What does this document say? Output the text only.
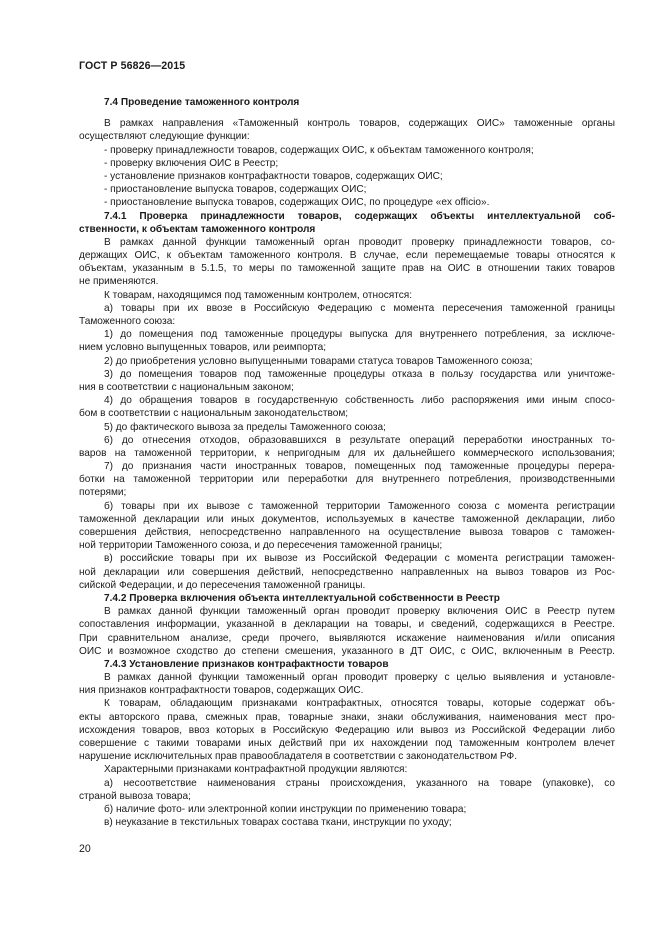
ГОСТ Р 56826—2015
7.4 Проведение таможенного контроля
В рамках направления «Таможенный контроль товаров, содержащих ОИС» таможенные органы
осуществляют следующие функции:
- проверку принадлежности товаров, содержащих ОИС, к объектам таможенного контроля;
- проверку включения ОИС в Реестр;
- установление признаков контрафактности товаров, содержащих ОИС;
- приостановление выпуска товаров, содержащих ОИС;
- приостановление выпуска товаров, содержащих ОИС, по процедуре «ex officio».
7.4.1 Проверка принадлежности товаров, содержащих объекты интеллектуальной соб-
ственности, к объектам таможенного контроля
В рамках данной функции таможенный орган проводит проверку принадлежности товаров, со-
держащих ОИС, к объектам таможенного контроля. В случае, если перемещаемые товары относятся к
объектам, указанным в 5.1.5, то меры по таможенной защите прав на ОИС в отношении таких товаров
не применяются.
К товарам, находящимся под таможенным контролем, относятся:
а) товары при их ввозе в Российскую Федерацию с момента пересечения таможенной границы
Таможенного союза:
1) до помещения под таможенные процедуры выпуска для внутреннего потребления, за исключе-
нием условно выпущенных товаров, или реимпорта;
2) до приобретения условно выпущенными товарами статуса товаров Таможенного союза;
3) до помещения товаров под таможенные процедуры отказа в пользу государства или уничтоже-
ния в соответствии с национальным законом;
4) до обращения товаров в государственную собственность либо распоряжения ими иным спосо-
бом в соответствии с национальным законодательством;
5) до фактического вывоза за пределы Таможенного союза;
6) до отнесения отходов, образовавшихся в результате операций переработки иностранных то-
варов на таможенной территории, к непригодным для их дальнейшего коммерческого использования;
7) до признания части иностранных товаров, помещенных под таможенные процедуры перера-
ботки на таможенной территории или переработки для внутреннего потребления, производственными
потерями;
б) товары при их вывозе с таможенной территории Таможенного союза с момента регистрации
таможенной декларации или иных документов, используемых в качестве таможенной декларации, либо
совершения действия, непосредственно направленного на осуществление вывоза товаров с таможен-
ной территории Таможенного союза, и до пересечения таможенной границы;
в) российские товары при их вывозе из Российской Федерации с момента регистрации таможен-
ной декларации или совершения действий, непосредственно направленных на вывоз товаров из Рос-
сийской Федерации, и до пересечения таможенной границы.
7.4.2 Проверка включения объекта интеллектуальной собственности в Реестр
В рамках данной функции таможенный орган проводит проверку включения ОИС в Реестр путем
сопоставления информации, указанной в декларации на товары, и сведений, содержащихся в Реестре.
При сравнительном анализе, среди прочего, выявляются искажение наименования и/или описания
ОИС и возможное сходство до степени смешения, указанного в ДТ ОИС, с ОИС, включенным в Реестр.
7.4.3 Установление признаков контрафактности товаров
В рамках данной функции таможенный орган проводит проверку с целью выявления и установле-
ния признаков контрафактности товаров, содержащих ОИС.
К товарам, обладающим признаками контрафактных, относятся товары, которые содержат объ-
екты авторского права, смежных прав, товарные знаки, знаки обслуживания, наименования мест про-
исхождения товаров, ввоз которых в Российскую Федерацию или вывоз из Российской Федерации либо
совершение с такими товарами иных действий при их нахождении под таможенным контролем влечет
нарушение исключительных прав правообладателя в соответствии с законодательством РФ.
Характерными признаками контрафактной продукции являются:
а) несоответствие наименования страны происхождения, указанного на товаре (упаковке), со
страной вывоза товара;
б) наличие фото- или электронной копии инструкции по применению товара;
в) неуказание в текстильных товарах состава ткани, инструкции по уходу;
20
